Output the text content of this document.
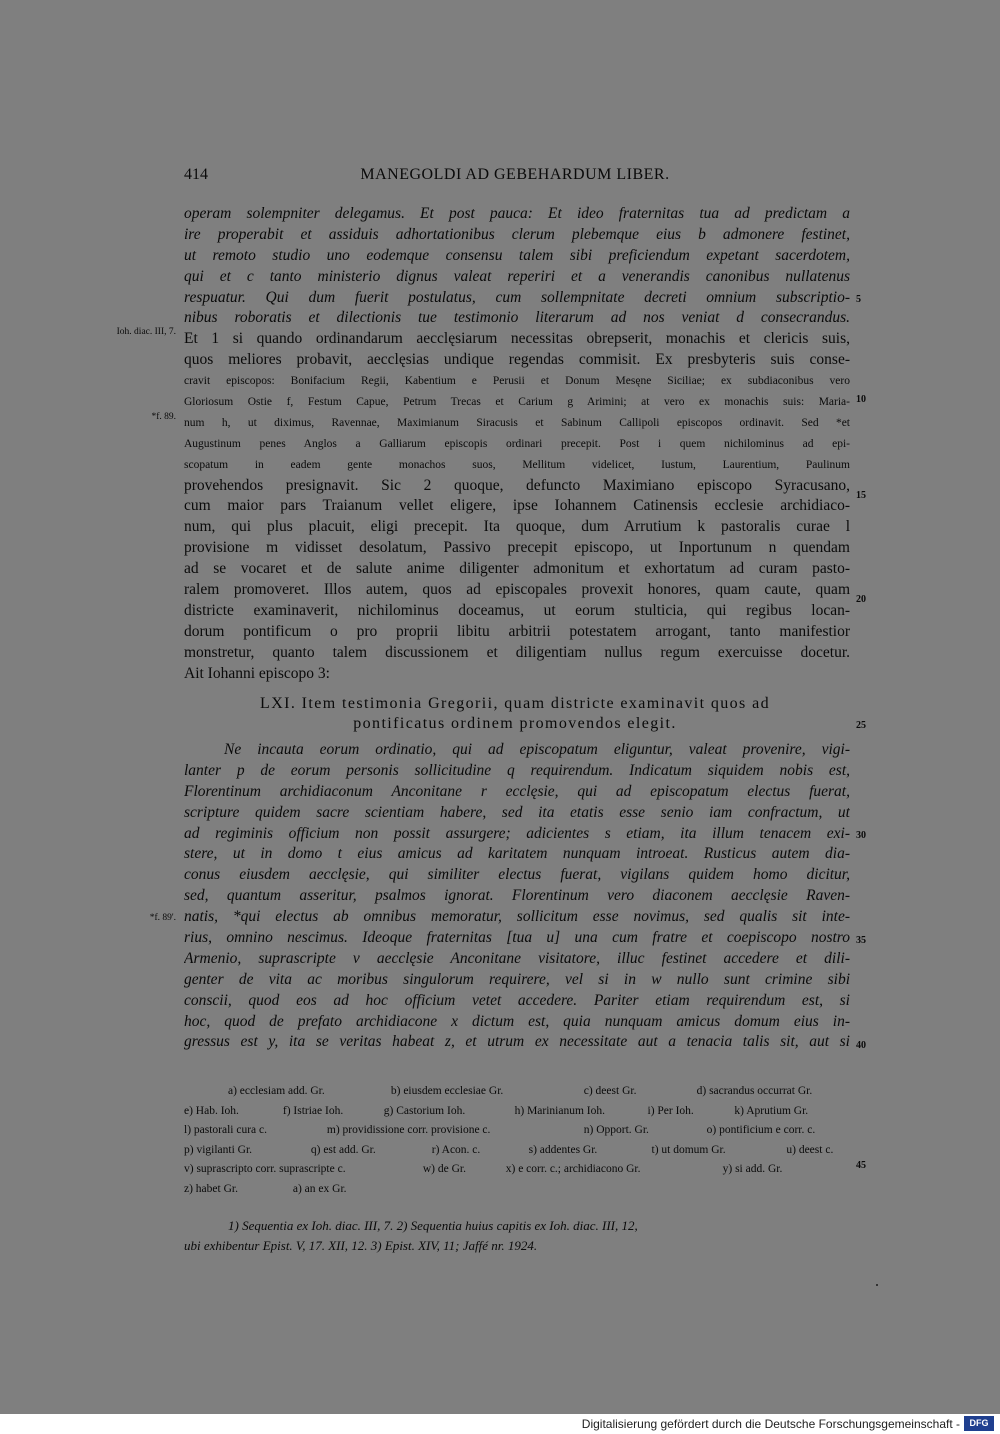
414	MANEGOLDI AD GEBEHARDUM LIBER.
Ioh. diac. III, 7.
*f. 89.
*f. 89'.
5
10
15
20
25
30
35
40
45
operam solempniter delegamus. Et post pauca: Et ideo fraternitas tua ad predictam a
ire properabit et assiduis adhortationibus clerum plebemque eius b admonere festinet,
ut remoto studio uno eodemque consensu talem sibi preficiendum expetant sacerdotem,
qui et c tanto ministerio dignus valeat reperiri et a venerandis canonibus nullatenus
respuatur. Qui dum fuerit postulatus, cum sollempnitate decreti omnium subscriptio-
nibus roboratis et dilectionis tue testimonio literarum ad nos veniat d consecrandus.
Et 1 si quando ordinandarum aecclęsiarum necessitas obrepserit, monachis et clericis suis,
quos meliores probavit, aecclęsias undique regendas commisit. Ex presbyteris suis conse-
cravit episcopos: Bonifacium Regii, Kabentium e Perusii et Donum Mesęne Siciliae; ex subdiaconibus vero
Gloriosum Ostie f, Festum Capue, Petrum Trecas et Carium g Arimini; at vero ex monachis suis: Maria-
num h, ut diximus, Ravennae, Maximianum Siracusis et Sabinum Callipoli episcopos ordinavit. Sed *et
Augustinum penes Anglos a Galliarum episcopis ordinari precepit. Post i quem nichilominus ad epi-
scopatum in eadem gente monachos suos, Mellitum videlicet, Iustum, Laurentium, Paulinum
provehendos presignavit. Sic 2 quoque, defuncto Maximiano episcopo Syracusano,
cum maior pars Traianum vellet eligere, ipse Iohannem Catinensis ecclesie archidiaco-
num, qui plus placuit, eligi precepit. Ita quoque, dum Arrutium k pastoralis curae l
provisione m vidisset desolatum, Passivo precepit episcopo, ut Inportunum n quendam
ad se vocaret et de salute anime diligenter admonitum et exhortatum ad curam pasto-
ralem promoveret. Illos autem, quos ad episcopales provexit honores, quam caute, quam
districte examinaverit, nichilominus doceamus, ut eorum stulticia, qui regibus locan-
dorum pontificum o pro proprii libitu arbitrii potestatem arrogant, tanto manifestior
monstretur, quanto talem discussionem et diligentiam nullus regum exercuisse docetur.
Ait Iohanni episcopo 3:
LXI. Item testimonia Gregorii, quam districte examinavit quos ad
pontificatus ordinem promovendos elegit.
Ne incauta eorum ordinatio, qui ad episcopatum eliguntur, valeat provenire, vigi-
lanter p de eorum personis sollicitudine q requirendum. Indicatum siquidem nobis est,
Florentinum archidiaconum Anconitane r ecclęsie, qui ad episcopatum electus fuerat,
scripture quidem sacre scientiam habere, sed ita etatis esse senio iam confractum, ut
ad regiminis officium non possit assurgere; adicientes s etiam, ita illum tenacem exi-
stere, ut in domo t eius amicus ad karitatem nunquam introeat. Rusticus autem dia-
conus eiusdem aecclęsie, qui similiter electus fuerat, vigilans quidem homo dicitur,
sed, quantum asseritur, psalmos ignorat. Florentinum vero diaconem aecclęsie Raven-
natis, *qui electus ab omnibus memoratur, sollicitum esse novimus, sed qualis sit inte-
rius, omnino nescimus. Ideoque fraternitas [tua u] una cum fratre et coepiscopo nostro
Armenio, suprascripte v aecclęsie Anconitane visitatore, illuc festinet accedere et dili-
genter de vita ac moribus singulorum requirere, vel si in w nullo sunt crimine sibi
conscii, quod eos ad hoc officium vetet accedere. Pariter etiam requirendum est, si
hoc, quod de prefato archidiacone x dictum est, quia nunquam amicus domum eius in-
gressus est y, ita se veritas habeat z, et utrum ex necessitate aut a tenacia talis sit, aut si
a) ecclesiam add. Gr.	b) eiusdem ecclesiae Gr.	c) deest Gr.	d) sacrandus occurrat Gr.
e) Hab. Ioh.	f) Istriae Ioh.	g) Castorium Ioh.	h) Marinianum Ioh.	i) Per Ioh.	k) Aprutium Gr.
l) pastorali cura c.	m) providissione corr. provisione c.	n) Opport. Gr.	o) pontificium e corr. c.
p) vigilanti Gr.	q) est add. Gr.	r) Acon. c.	s) addentes Gr.	t) ut domum Gr.	u) deest c.
v) suprascripto corr. suprascripte c.	w) de Gr.	x) e corr. c.; archidiacono Gr.	y) si add. Gr.
z) habet Gr.	a) an ex Gr.
1) Sequentia ex Ioh. diac. III, 7. 2) Sequentia huius capitis ex Ioh. diac. III, 12,
ubi exhibentur Epist. V, 17. XII, 12. 3) Epist. XIV, 11; Jaffé nr. 1924.
Digitalisierung gefördert durch die Deutsche Forschungsgemeinschaft -	DFG
